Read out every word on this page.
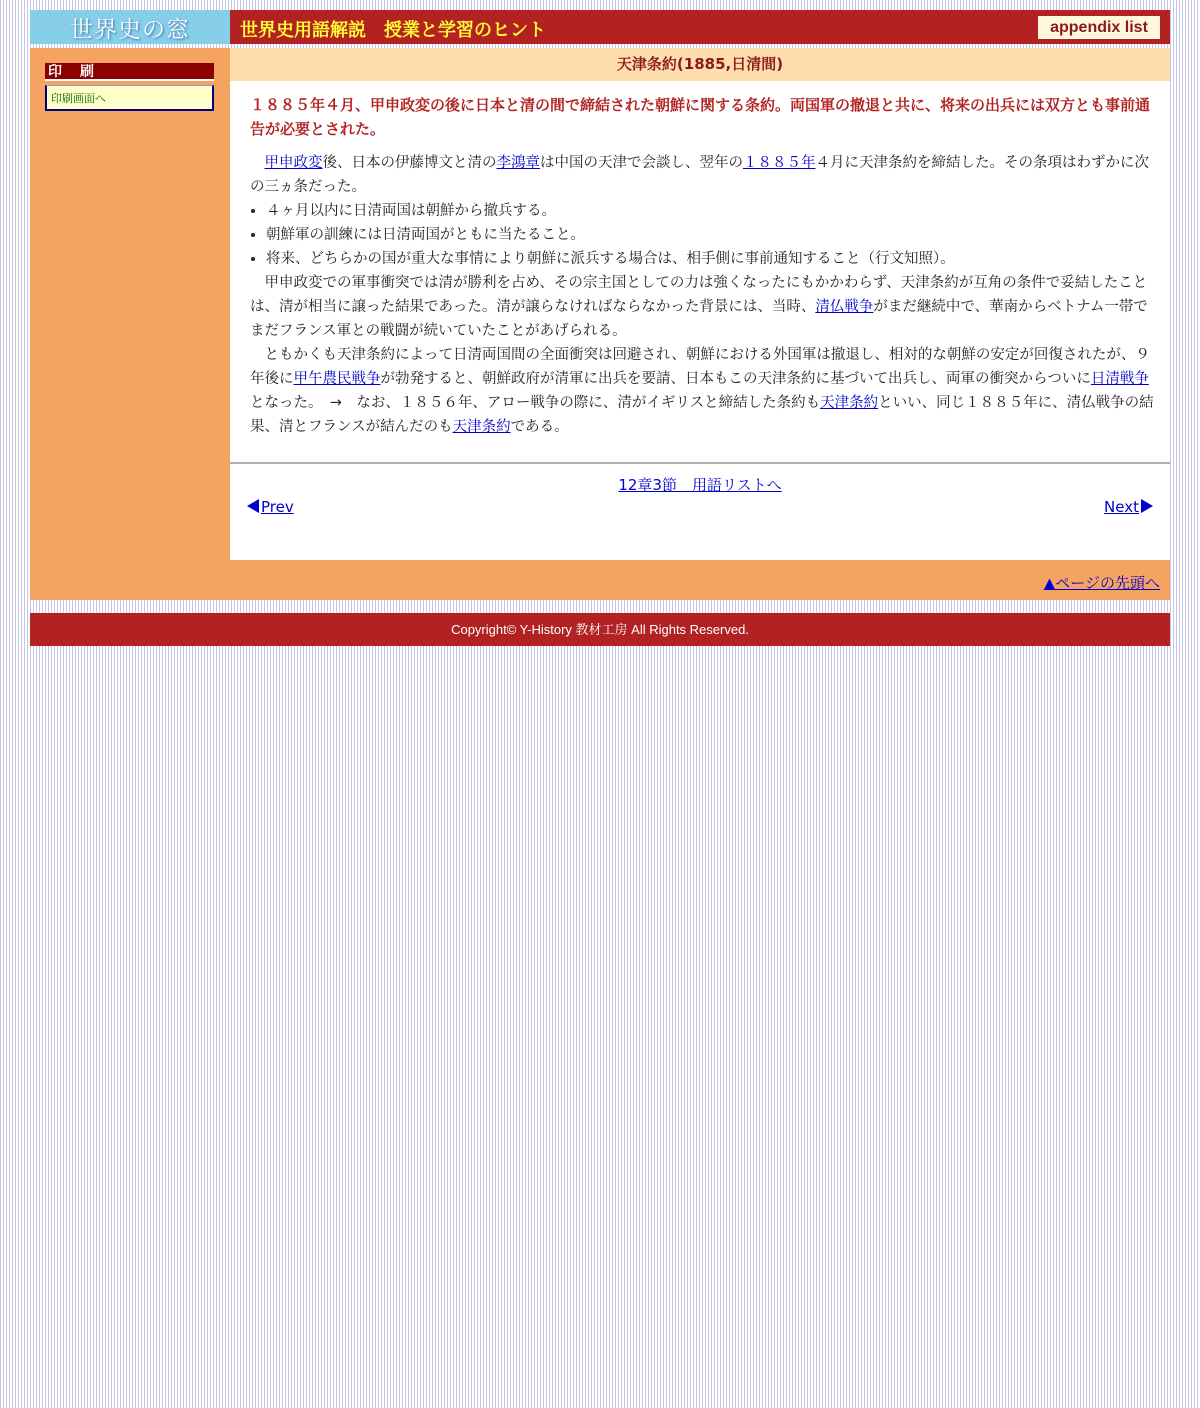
世界史の窓	世界史用語解説　授業と学習のヒント	appendix list
印　刷
印刷画面へ
天津条約(1885,日清間)
１８８５年４月、甲申政変の後に日本と清の間で締結された朝鮮に関する条約。両国軍の撤退と共に、将来の出兵には双方とも事前通告が必要とされた。

甲申政変後、日本の伊藤博文と清の李鴻章は中国の天津で会談し、翌年の１８８５年４月に天津条約を締結した。その条項はわずかに次の三ヵ条だった。

• ４ヶ月以内に日清両国は朝鮮から撤兵する。
• 朝鮮軍の訓練には日清両国がともに当たること。
• 将来、どちらかの国が重大な事情により朝鮮に派兵する場合は、相手側に事前通知すること（行文知照）。

甲申政変での軍事衝突では清が勝利を占め、その宗主国としての力は強くなったにもかかわらず、天津条約が互角の条件で妥結したことは、清が相当に譲った結果であった。清が譲らなければならなかった背景には、当時、清仏戦争がまだ継続中で、華南からベトナム一帯でまだフランス軍との戦闘が続いていたことがあげられる。

ともかくも天津条約によって日清両国間の全面衝突は回避され、朝鮮における外国軍は撤退し、相対的な朝鮮の安定が回復されたが、９年後に甲午農民戦争が勃発すると、朝鮮政府が清軍に出兵を要請、日本もこの天津条約に基づいて出兵し、両軍の衝突からついに日清戦争となった。　→　なお、１８５６年、アロー戦争の際に、清がイギリスと締結した条約も天津条約といい、同じ１８８５年に、清仏戦争の結果、清とフランスが結んだのも天津条約である。

12章3節　用語リストへ
Prev	Next
▲ページの先頭へ
Copyright© Y-History 教材工房 All Rights Reserved.
